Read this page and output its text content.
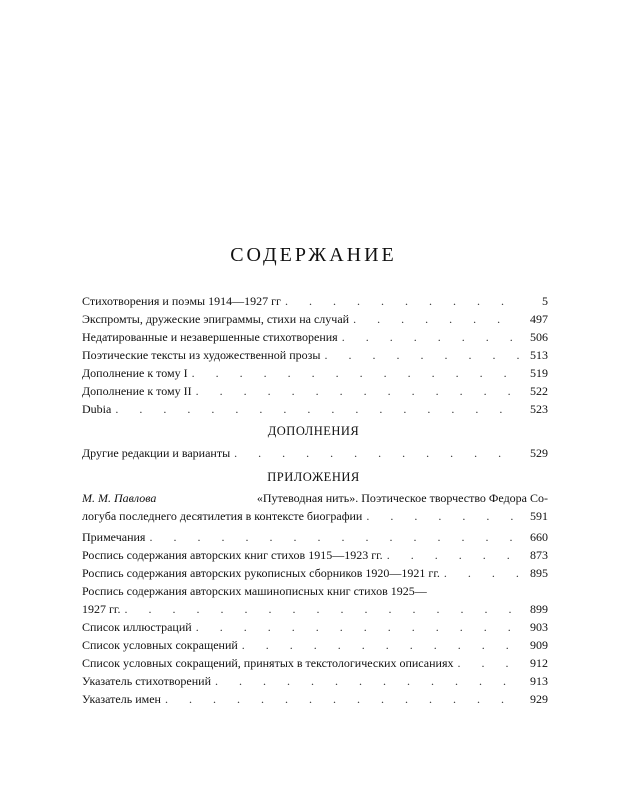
СОДЕРЖАНИЕ
Стихотворения и поэмы 1914—1927 гг . . .	5
Экспромты, дружеские эпиграммы, стихи на случай . . .	497
Недатированные и незавершенные стихотворения . . .	506
Поэтические тексты из художественной прозы . . .	513
Дополнение к тому I . . .	519
Дополнение к тому II . . .	522
Dubia . . .	523
ДОПОЛНЕНИЯ
Другие редакции и варианты . . .	529
ПРИЛОЖЕНИЯ
М. М. Павлова	«Путеводная нить». Поэтическое творчество Федора Со-
логуба последнего десятилетия в контексте биографии . . .	591
Примечания . . .	660
Роспись содержания авторских книг стихов 1915—1923 гг. . . .	873
Роспись содержания авторских рукописных сборников 1920—1921 гг. . . .	895
Роспись содержания авторских машинописных книг стихов 1925—
1927 гг. . . .	899
Список иллюстраций . . .	903
Список условных сокращений . . .	909
Список условных сокращений, принятых в текстологических описаниях . . .	912
Указатель стихотворений . . .	913
Указатель имен . . .	929
